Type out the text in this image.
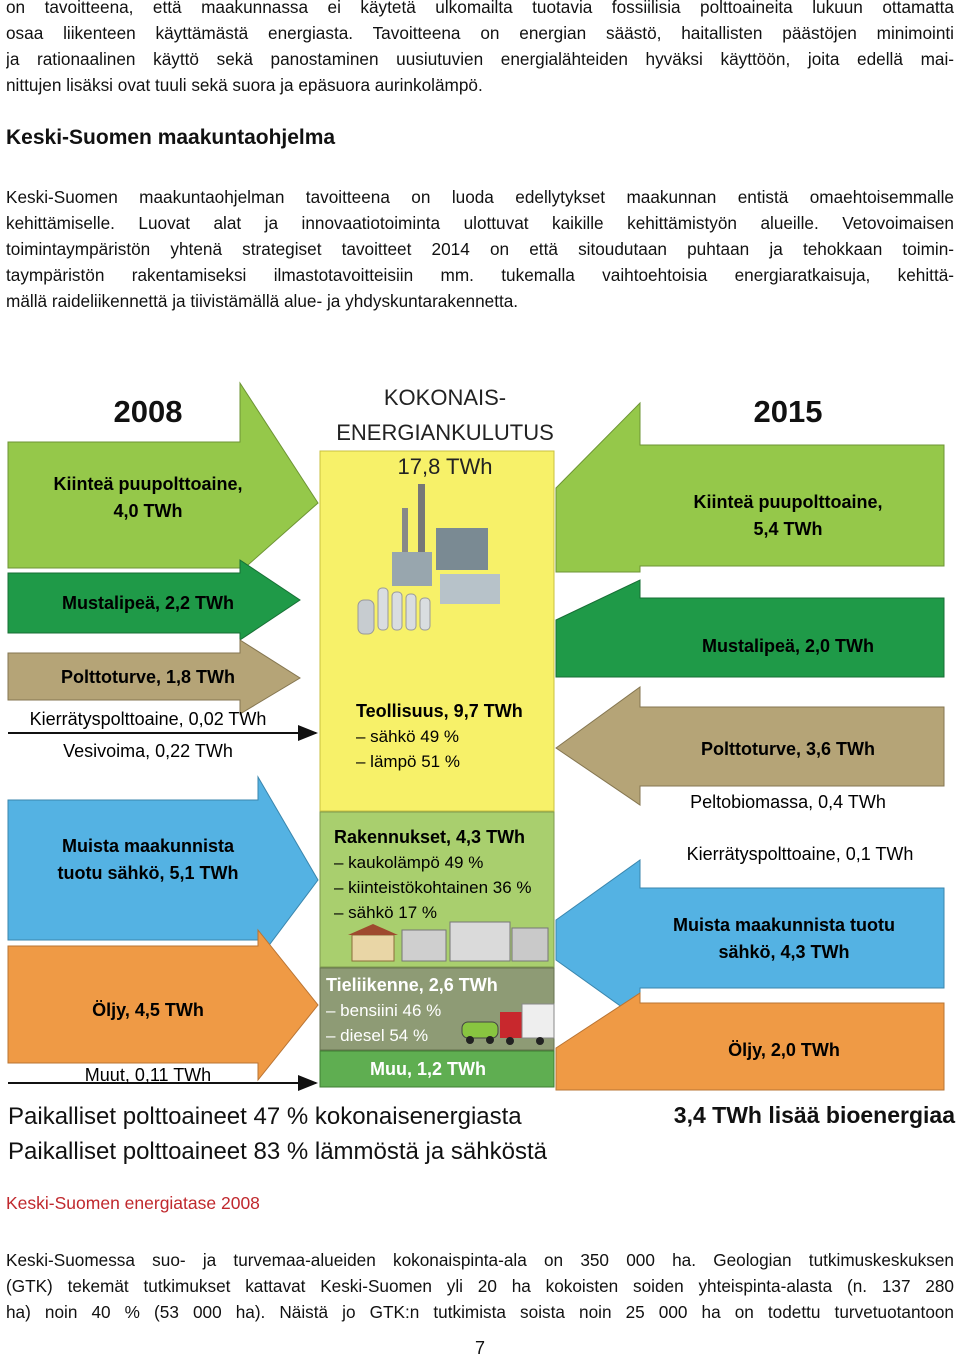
on tavoitteena, että maakunnassa ei käytetä ulkomailta tuotavia fossiilisia polttoaineita lukuun ottamatta
osaa liikenteen käyttämästä energiasta. Tavoitteena on energian säästö, haitallisten päästöjen minimointi
ja rationaalinen käyttö sekä panostaminen uusiutuvien energialähteiden hyväksi käyttöön, joita edellä mai-
nittujen lisäksi ovat tuuli sekä suora ja epäsuora aurinkolämpö.
Keski-Suomen maakuntaohjelma
Keski-Suomen maakuntaohjelman tavoitteena on luoda edellytykset maakunnan entistä omaehtoisemmalle
kehittämiselle. Luovat alat ja innovaatiotoiminta ulottuvat kaikille kehittämistyön alueille. Vetovoimaisen
toimintaympäristön yhtenä strategiset tavoitteet 2014 on että sitoudutaan puhtaan ja tehokkaan toimin-
taympäristön rakentamiseksi ilmastotavoitteisiin mm. tukemalla vaihtoehtoisia energiaratkaisuja, kehittä-
mällä raideliikennettä ja tiivistämällä alue- ja yhdyskuntarakennetta.
2008	2015
KOKONAIS-
ENERGIANKULUTUS
17,8 TWh
Kiinteä puupolttoaine,
4,0 TWh
Mustalipeä, 2,2 TWh
Polttoturve, 1,8 TWh
Kierrätyspolttoaine, 0,02 TWh
Vesivoima, 0,22 TWh
Muista maakunnista
tuotu sähkö, 5,1 TWh
Öljy, 4,5 TWh
Muut, 0,11 TWh
Kiinteä puupolttoaine,
5,4 TWh
Mustalipeä, 2,0 TWh
Polttoturve, 3,6 TWh
Peltobiomassa, 0,4 TWh
Kierrätyspolttoaine, 0,1 TWh
Muista maakunnista tuotu
sähkö, 4,3 TWh
Öljy, 2,0 TWh
Teollisuus, 9,7 TWh
– sähkö 49 %
– lämpö 51 %
Rakennukset, 4,3 TWh
– kaukolämpö 49 %
– kiinteistökohtainen 36 %
– sähkö 17 %
Tieliikenne, 2,6 TWh
– bensiini 46 %
– diesel 54 %
Muu, 1,2 TWh
Paikalliset polttoaineet 47 % kokonaisenergiasta
Paikalliset polttoaineet 83 % lämmöstä ja sähköstä
3,4 TWh lisää bioenergiaa

Keski-Suomen energiatase 2008

Keski-Suomessa suo- ja turvemaa-alueiden kokonaispinta-ala on 350 000 ha. Geologian tutkimuskeskuksen
(GTK) tekemät tutkimukset kattavat Keski-Suomen yli 20 ha kokoisten soiden yhteispinta-alasta (n. 137 280
ha) noin 40 % (53 000 ha). Näistä jo GTK:n tutkimista soista noin 25 000 ha on todettu turvetuotantoon

7
